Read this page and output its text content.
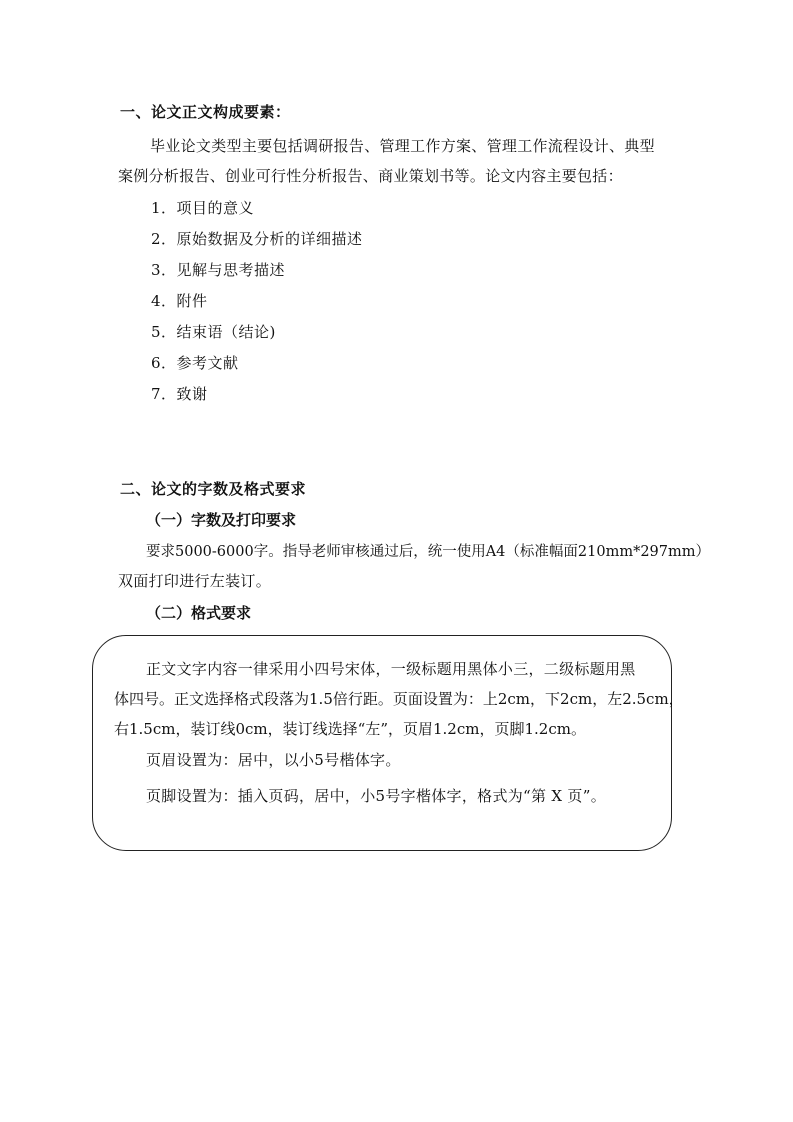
一、论文正文构成要素：
毕业论文类型主要包括调研报告、管理工作方案、管理工作流程设计、典型
案例分析报告、创业可行性分析报告、商业策划书等。论文内容主要包括：
1．项目的意义
2．原始数据及分析的详细描述
3．见解与思考描述
4．附件
5．结束语（结论)
6．参考文献
7．致谢
二、论文的字数及格式要求
（一）字数及打印要求
要求5000-6000字。指导老师审核通过后，统一使用A4（标准幅面210mm*297mm）
双面打印进行左装订。
（二）格式要求
正文文字内容一律采用小四号宋体，一级标题用黑体小三，二级标题用黑
体四号。正文选择格式段落为1.5倍行距。页面设置为：上2cm，下2cm，左2.5cm，
右1.5cm，装订线0cm，装订线选择“左”，页眉1.2cm，页脚1.2cm。
页眉设置为：居中，以小5号楷体字。
页脚设置为：插入页码，居中，小5号字楷体字，格式为“第 X 页”。
